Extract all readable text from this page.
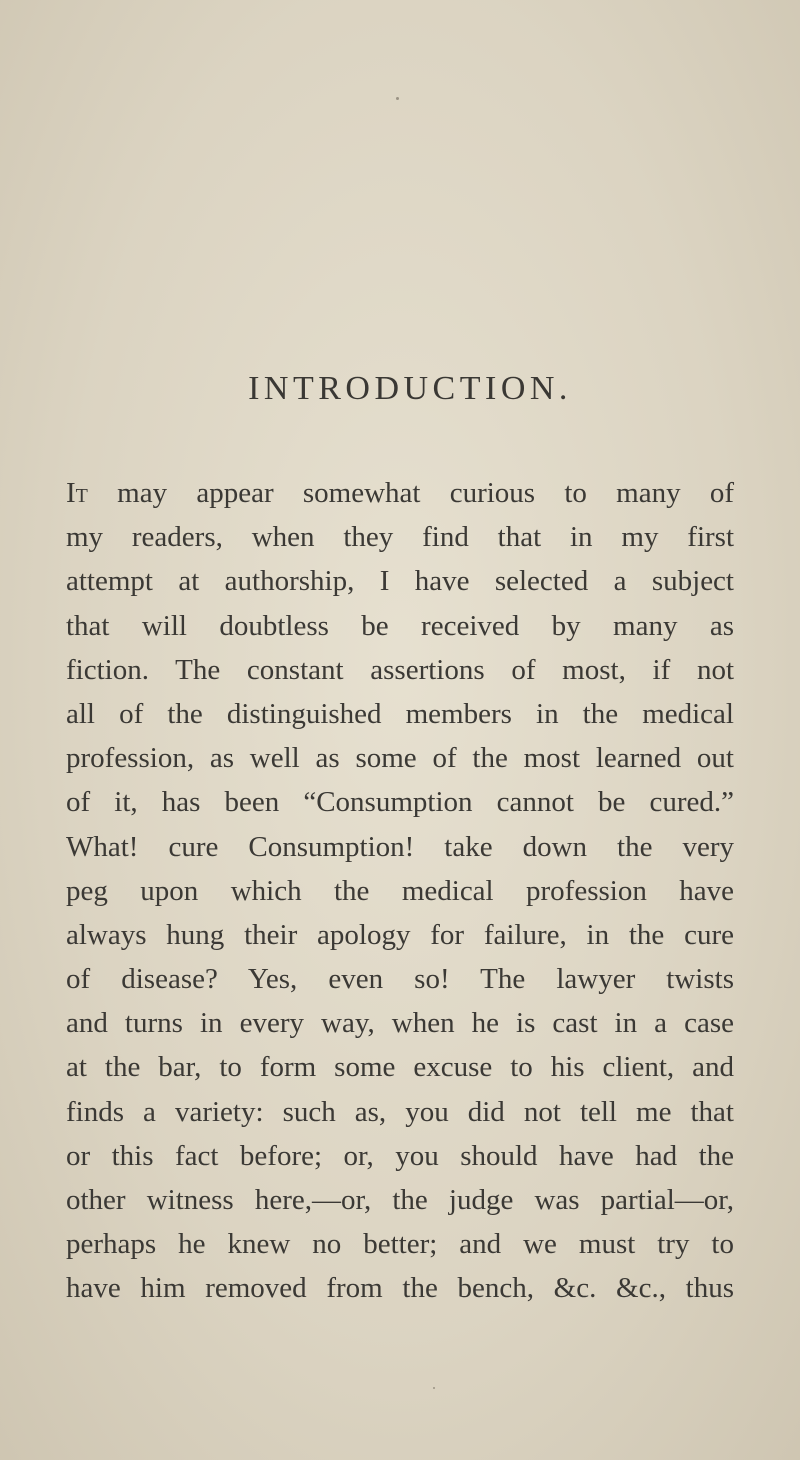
INTRODUCTION.
It may appear somewhat curious to many of
my readers, when they find that in my first
attempt at authorship, I have selected a subject
that will doubtless be received by many as
fiction. The constant assertions of most, if not
all of the distinguished members in the medical
profession, as well as some of the most learned out
of it, has been “Consumption cannot be cured.”
What! cure Consumption! take down the very
peg upon which the medical profession have
always hung their apology for failure, in the cure
of disease? Yes, even so! The lawyer twists
and turns in every way, when he is cast in a case
at the bar, to form some excuse to his client, and
finds a variety: such as, you did not tell me that
or this fact before; or, you should have had the
other witness here,—or, the judge was partial—or,
perhaps he knew no better; and we must try to
have him removed from the bench, &c. &c., thus
